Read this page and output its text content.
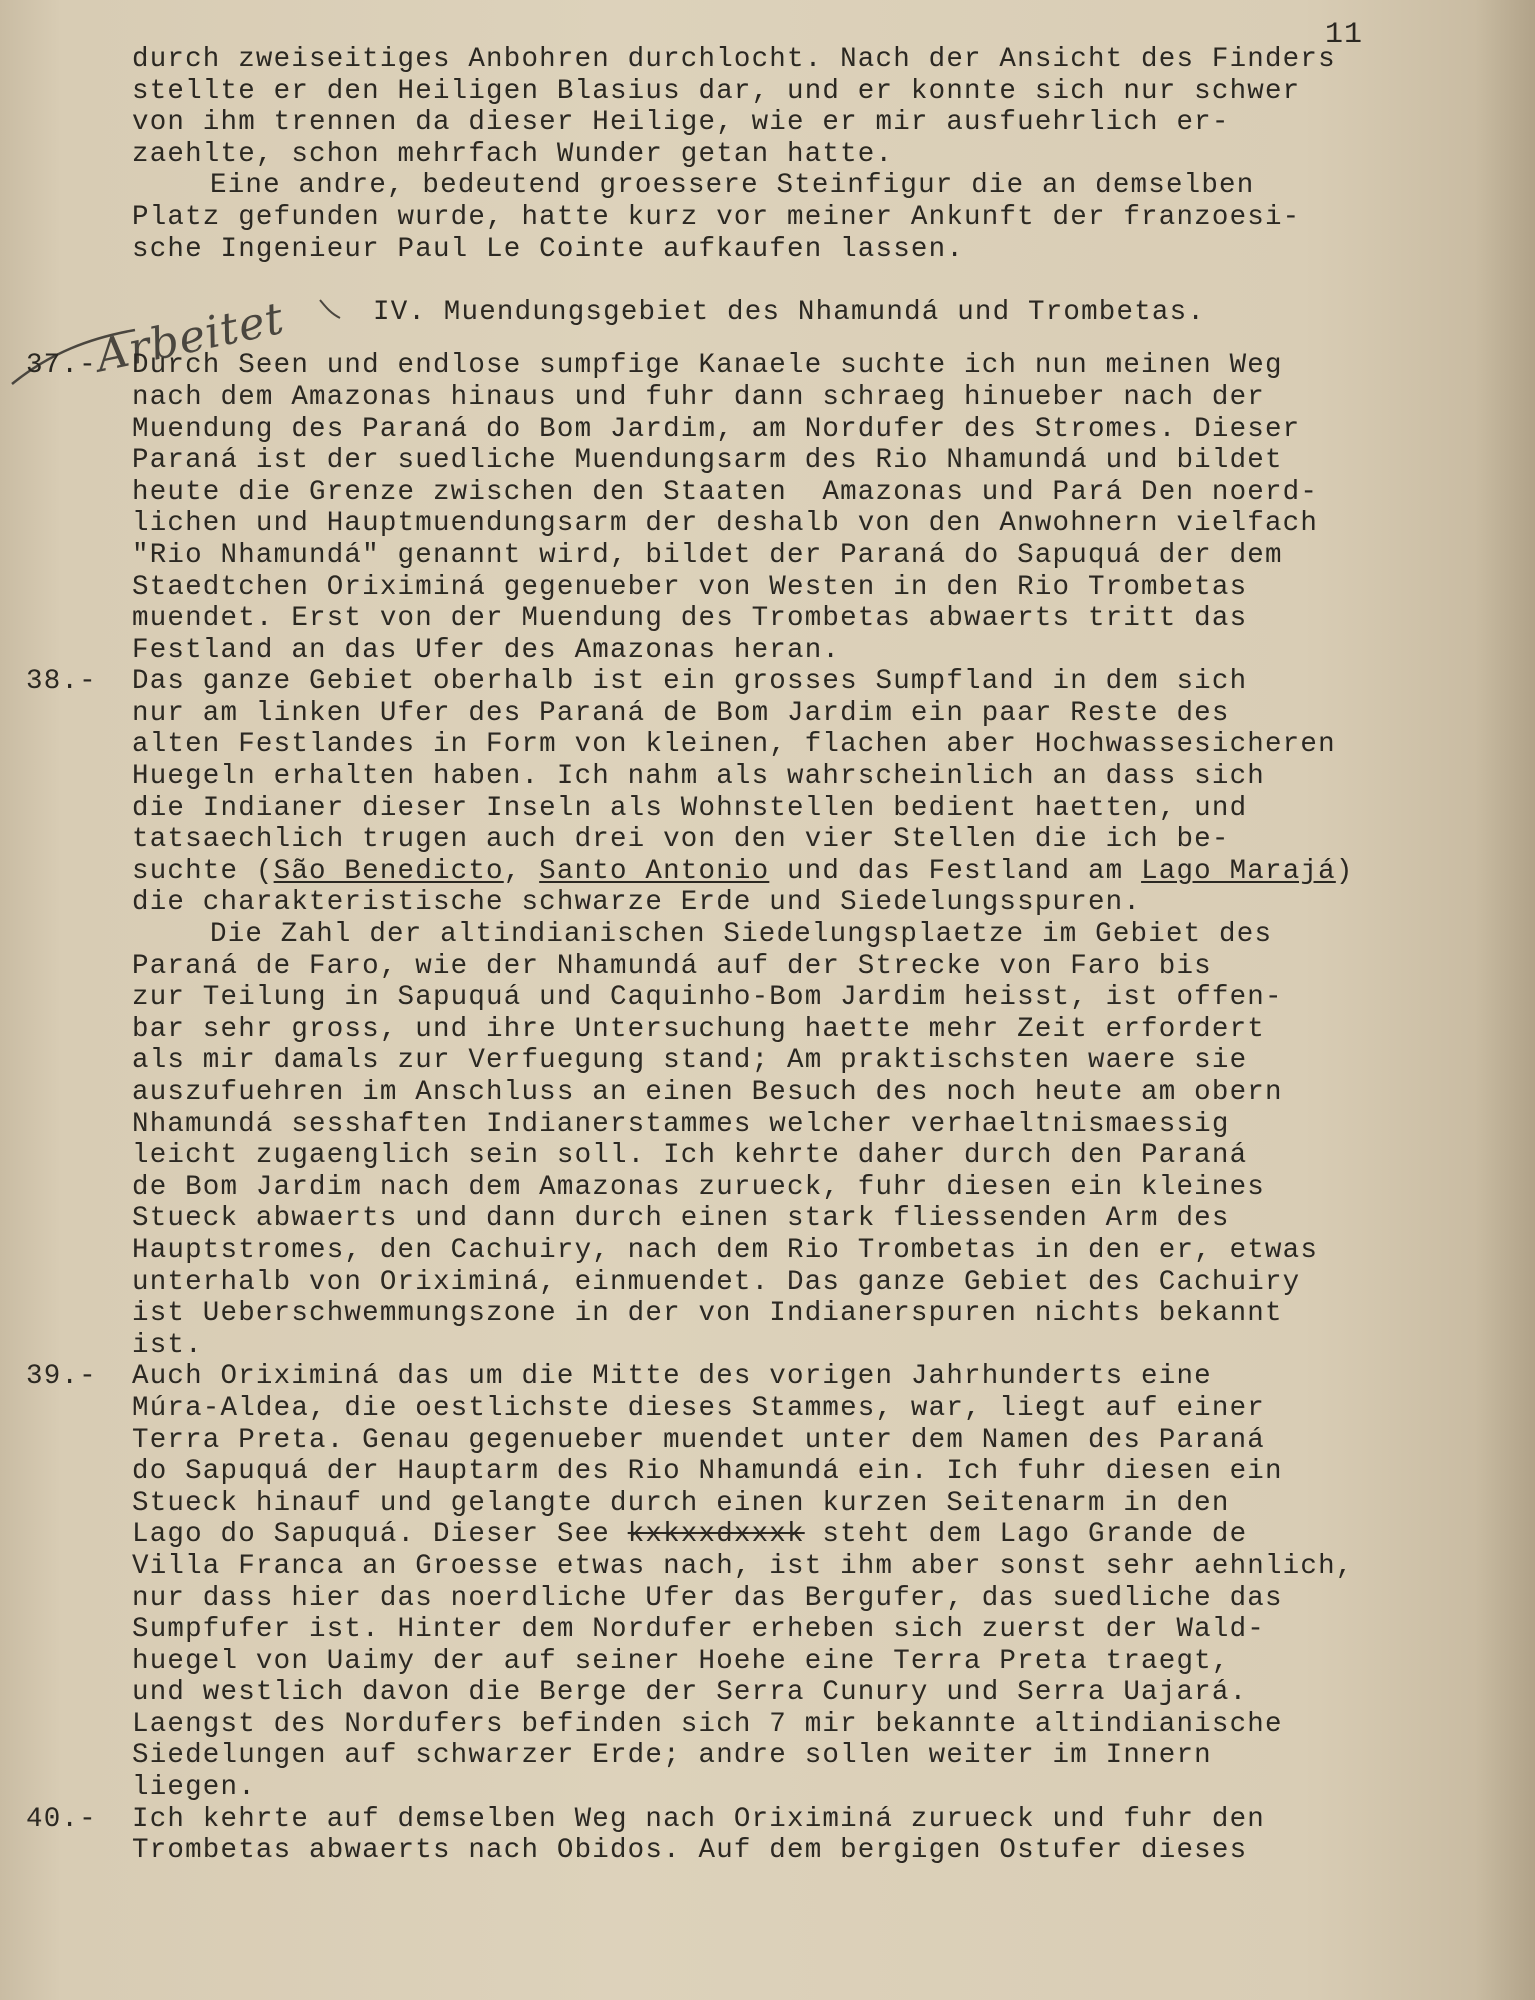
11
Arbeitet
durch zweiseitiges Anbohren durchlocht. Nach der Ansicht des Finders
stellte er den Heiligen Blasius dar, und er konnte sich nur schwer
von ihm trennen da dieser Heilige, wie er mir ausfuehrlich er-
zaehlte, schon mehrfach Wunder getan hatte.
Eine andre, bedeutend groessere Steinfigur die an demselben
Platz gefunden wurde, hatte kurz vor meiner Ankunft der franzoesi-
sche Ingenieur Paul Le Cointe aufkaufen lassen.
IV. Muendungsgebiet des Nhamundá und Trombetas.
37.- Durch Seen und endlose sumpfige Kanaele suchte ich nun meinen Weg
nach dem Amazonas hinaus und fuhr dann schraeg hinueber nach der
Muendung des Paraná do Bom Jardim, am Nordufer des Stromes. Dieser
Paraná ist der suedliche Muendungsarm des Rio Nhamundá und bildet
heute die Grenze zwischen den Staaten  Amazonas und Pará Den noerd-
lichen und Hauptmuendungsarm der deshalb von den Anwohnern vielfach
"Rio Nhamundá" genannt wird, bildet der Paraná do Sapuquá der dem
Staedtchen Oriximiná gegenueber von Westen in den Rio Trombetas
muendet. Erst von der Muendung des Trombetas abwaerts tritt das
Festland an das Ufer des Amazonas heran.
38.- Das ganze Gebiet oberhalb ist ein grosses Sumpfland in dem sich
nur am linken Ufer des Paraná de Bom Jardim ein paar Reste des
alten Festlandes in Form von kleinen, flachen aber Hochwassesicheren
Huegeln erhalten haben. Ich nahm als wahrscheinlich an dass sich
die Indianer dieser Inseln als Wohnstellen bedient haetten, und
tatsaechlich trugen auch drei von den vier Stellen die ich be-
suchte (São Benedicto, Santo Antonio und das Festland am Lago Marajá)
die charakteristische schwarze Erde und Siedelungsspuren.
Die Zahl der altindianischen Siedelungsplaetze im Gebiet des
Paraná de Faro, wie der Nhamundá auf der Strecke von Faro bis
zur Teilung in Sapuquá und Caquinho-Bom Jardim heisst, ist offen-
bar sehr gross, und ihre Untersuchung haette mehr Zeit erfordert
als mir damals zur Verfuegung stand; Am praktischsten waere sie
auszufuehren im Anschluss an einen Besuch des noch heute am obern
Nhamundá sesshaften Indianerstammes welcher verhaeltnismaessig
leicht zugaenglich sein soll. Ich kehrte daher durch den Paraná
de Bom Jardim nach dem Amazonas zurueck, fuhr diesen ein kleines
Stueck abwaerts und dann durch einen stark fliessenden Arm des
Hauptstromes, den Cachuiry, nach dem Rio Trombetas in den er, etwas
unterhalb von Oriximiná, einmuendet. Das ganze Gebiet des Cachuiry
ist Ueberschwemmungszone in der von Indianerspuren nichts bekannt
ist.
39.- Auch Oriximiná das um die Mitte des vorigen Jahrhunderts eine
Múra-Aldea, die oestlichste dieses Stammes, war, liegt auf einer
Terra Preta. Genau gegenueber muendet unter dem Namen des Paraná
do Sapuquá der Hauptarm des Rio Nhamundá ein. Ich fuhr diesen ein
Stueck hinauf und gelangte durch einen kurzen Seitenarm in den
Lago do Sapuquá. Dieser See kxkxxdxxxk steht dem Lago Grande de
Villa Franca an Groesse etwas nach, ist ihm aber sonst sehr aehnlich,
nur dass hier das noerdliche Ufer das Bergufer, das suedliche das
Sumpfufer ist. Hinter dem Nordufer erheben sich zuerst der Wald-
huegel von Uaimy der auf seiner Hoehe eine Terra Preta traegt,
und westlich davon die Berge der Serra Cunury und Serra Uajará.
Laengst des Nordufers befinden sich 7 mir bekannte altindianische
Siedelungen auf schwarzer Erde; andre sollen weiter im Innern
liegen.
40.- Ich kehrte auf demselben Weg nach Oriximiná zurueck und fuhr den
Trombetas abwaerts nach Obidos. Auf dem bergigen Ostufer dieses
